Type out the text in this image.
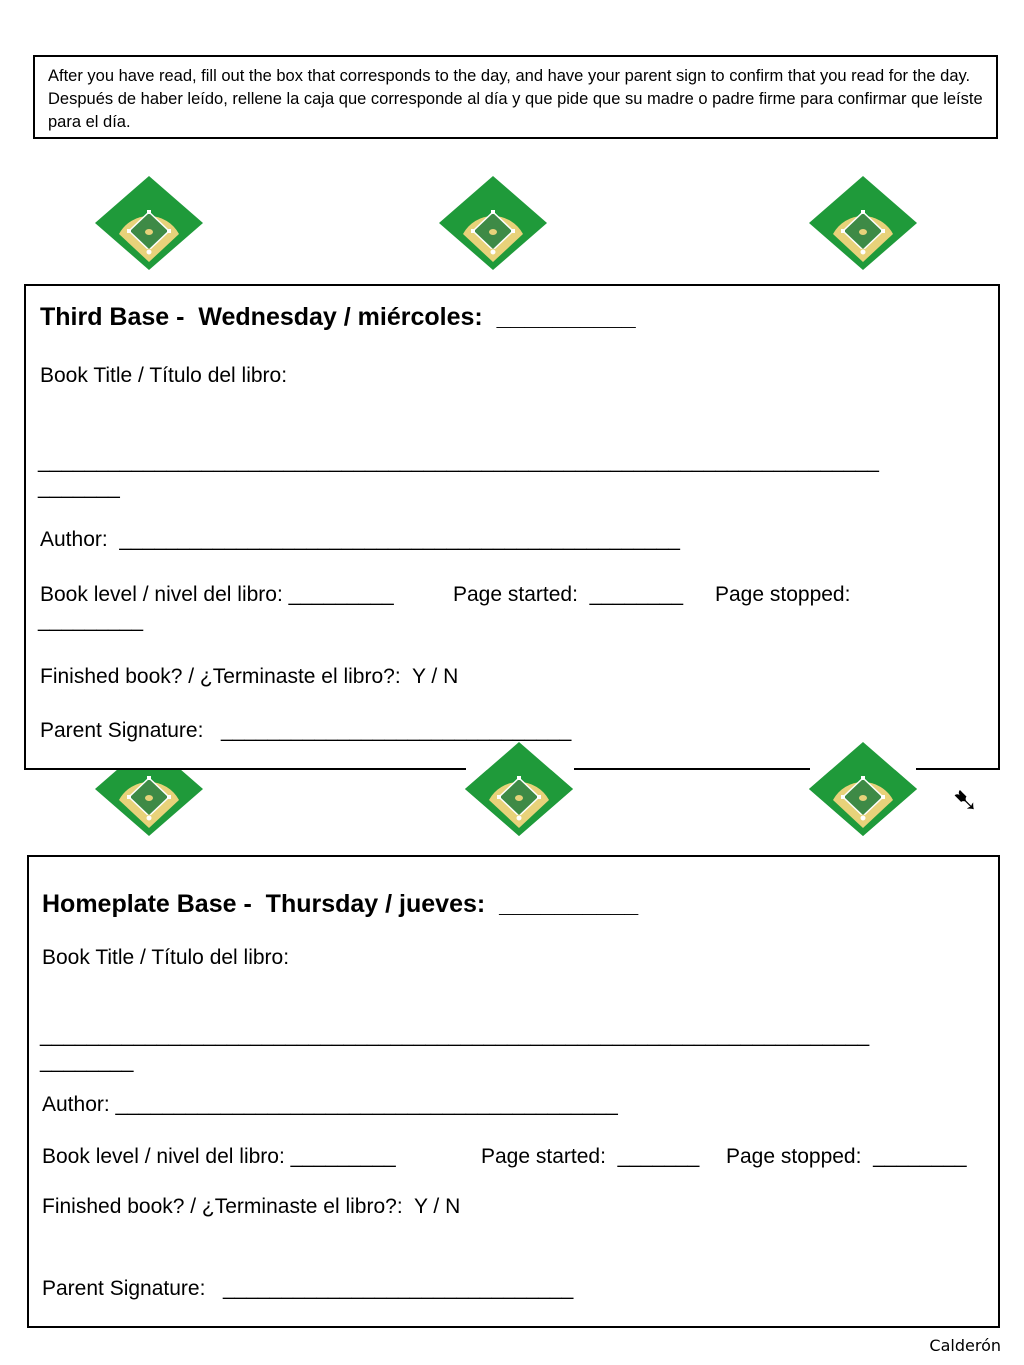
After you have read, fill out the box that corresponds to the day, and have your parent sign to confirm that you read for the day. Después de haber leído, rellene la caja que corresponde al día y que pide que su madre o padre firme para confirmar que leíste para el día.
Third Base -  Wednesday / miércoles:  __________
Book Title / Título del libro:
________________________________________________________________________
_______
Author:  ________________________________________________
Book level / nivel del libro: _________	Page started:  ________ Page stopped:
_________
Finished book? / ¿Terminaste el libro?:  Y / N
Parent Signature:   ______________________________
➷
Homeplate Base -  Thursday / jueves:  __________
Book Title / Título del libro:
_______________________________________________________________________
________
Author: ___________________________________________
Book level / nivel del libro: _________	Page started:  _______ Page stopped:  ________
Finished book? / ¿Terminaste el libro?:  Y / N
Parent Signature:   ______________________________
Calderón
